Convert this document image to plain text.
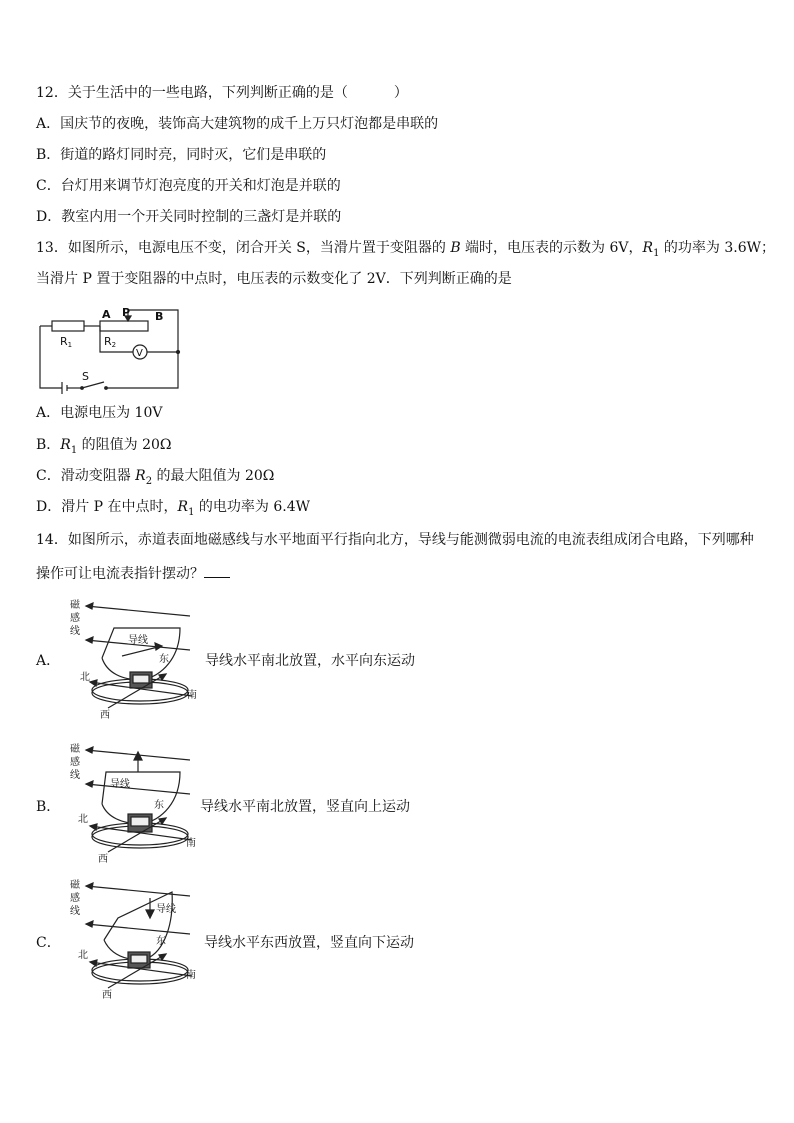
12．关于生活中的一些电路，下列判断正确的是（	）
A．国庆节的夜晚，装饰高大建筑物的成千上万只灯泡都是串联的
B．街道的路灯同时亮，同时灭，它们是串联的
C．台灯用来调节灯泡亮度的开关和灯泡是并联的
D．教室内用一个开关同时控制的三盏灯是并联的
13．如图所示，电源电压不变，闭合开关 S，当滑片置于变阻器的 B 端时，电压表的示数为 6V，$R_1$ 的功率为 3.6W；
当滑片 P 置于变阻器的中点时，电压表的示数变化了 2V．下列判断正确的是
R1	R2
A P B
V
S
A．电源电压为 10V
B．$R_1$ 的阻值为 20Ω
C．滑动变阻器 $R_2$ 的最大阻值为 20Ω
D．滑片 P 在中点时，$R_1$ 的电功率为 6.4W
14．如图所示，赤道表面地磁感线与水平地面平行指向北方，导线与能测微弱电流的电流表组成闭合电路，下列哪种
操作可让电流表指针摆动？
A．
磁
感
线
导线
东
北
南
西
导线水平南北放置，水平向东运动
B．
磁
感
线
导线
东
北
南
西
导线水平南北放置，竖直向上运动
C．
磁
感
线	导线
东
北
南
西
导线水平东西放置，竖直向下运动
